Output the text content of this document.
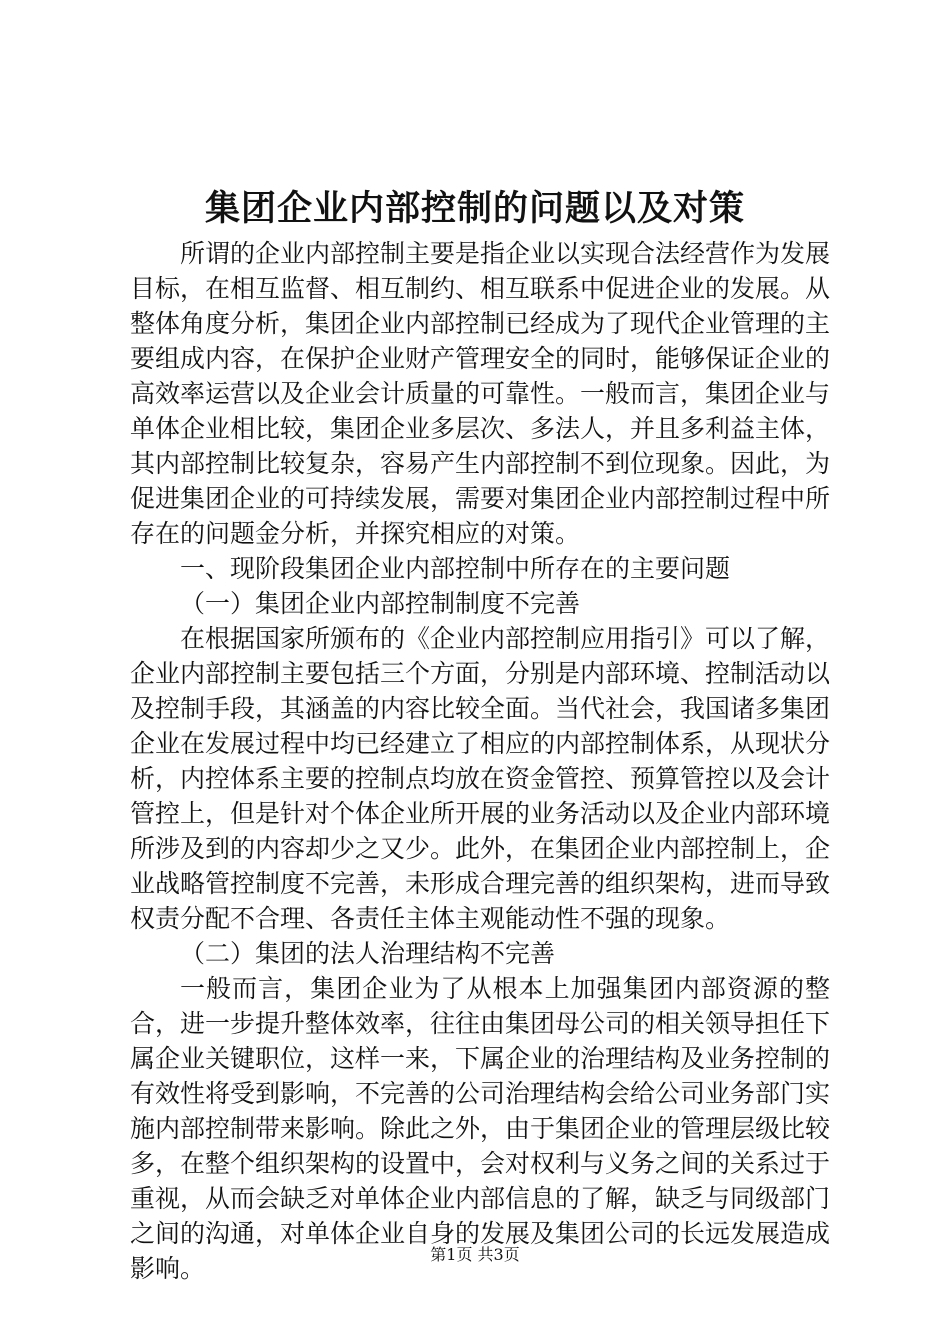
集团企业内部控制的问题以及对策

所谓的企业内部控制主要是指企业以实现合法经营作为发展目标，在相互监督、相互制约、相互联系中促进企业的发展。从整体角度分析，集团企业内部控制已经成为了现代企业管理的主要组成内容，在保护企业财产管理安全的同时，能够保证企业的高效率运营以及企业会计质量的可靠性。一般而言，集团企业与单体企业相比较，集团企业多层次、多法人，并且多利益主体，其内部控制比较复杂，容易产生内部控制不到位现象。因此，为促进集团企业的可持续发展，需要对集团企业内部控制过程中所存在的问题金分析，并探究相应的对策。

一、现阶段集团企业内部控制中所存在的主要问题

（一）集团企业内部控制制度不完善

在根据国家所颁布的《企业内部控制应用指引》可以了解，企业内部控制主要包括三个方面，分别是内部环境、控制活动以及控制手段，其涵盖的内容比较全面。当代社会，我国诸多集团企业在发展过程中均已经建立了相应的内部控制体系，从现状分析，内控体系主要的控制点均放在资金管控、预算管控以及会计管控上，但是针对个体企业所开展的业务活动以及企业内部环境所涉及到的内容却少之又少。此外，在集团企业内部控制上，企业战略管控制度不完善，未形成合理完善的组织架构，进而导致权责分配不合理、各责任主体主观能动性不强的现象。

（二）集团的法人治理结构不完善

一般而言，集团企业为了从根本上加强集团内部资源的整合，进一步提升整体效率，往往由集团母公司的相关领导担任下属企业关键职位，这样一来，下属企业的治理结构及业务控制的有效性将受到影响，不完善的公司治理结构会给公司业务部门实施内部控制带来影响。除此之外，由于集团企业的管理层级比较多，在整个组织架构的设置中，会对权利与义务之间的关系过于重视，从而会缺乏对单体企业内部信息的了解，缺乏与同级部门之间的沟通，对单体企业自身的发展及集团公司的长远发展造成影响。	第1页 共3页
